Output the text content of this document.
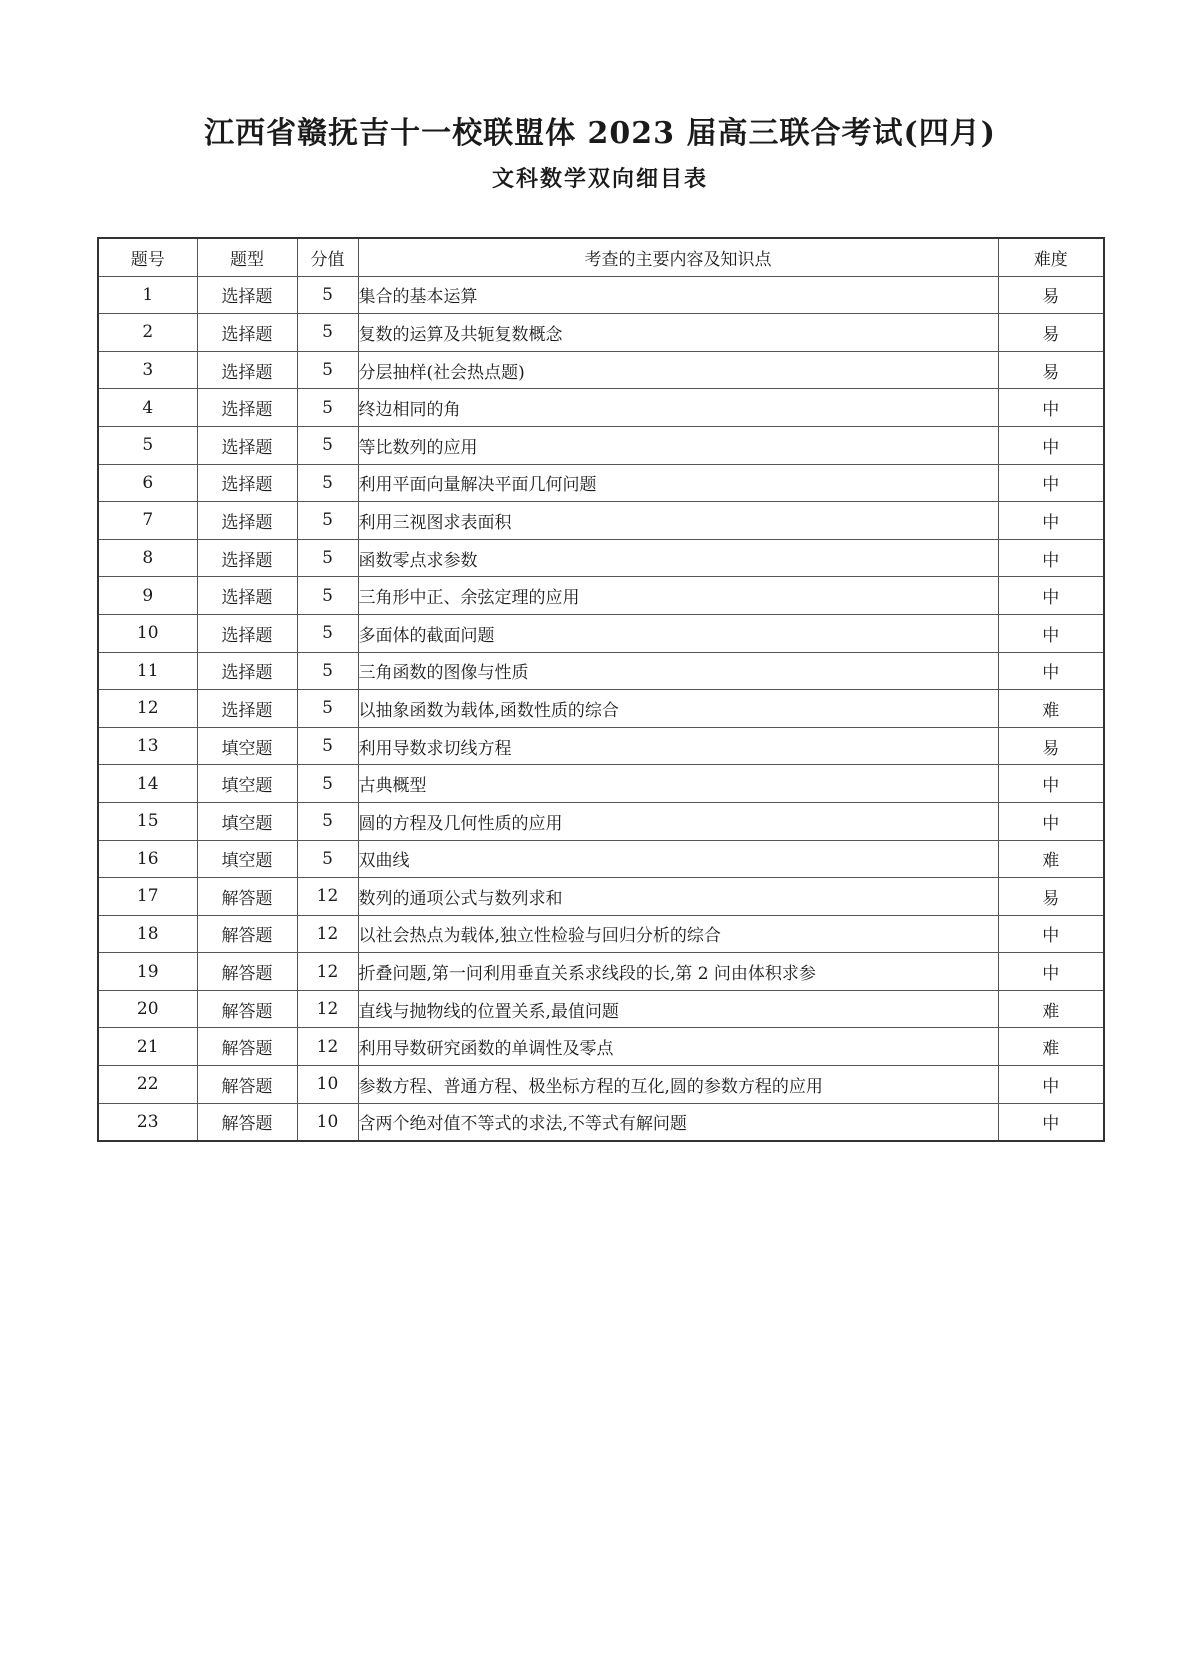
江西省赣抚吉十一校联盟体 2023 届高三联合考试(四月)
文科数学双向细目表
题号	题型	分值	考查的主要内容及知识点	难度
1	选择题	5	集合的基本运算	易
2	选择题	5	复数的运算及共轭复数概念	易
3	选择题	5	分层抽样(社会热点题)	易
4	选择题	5	终边相同的角	中
5	选择题	5	等比数列的应用	中
6	选择题	5	利用平面向量解决平面几何问题	中
7	选择题	5	利用三视图求表面积	中
8	选择题	5	函数零点求参数	中
9	选择题	5	三角形中正、余弦定理的应用	中
10	选择题	5	多面体的截面问题	中
11	选择题	5	三角函数的图像与性质	中
12	选择题	5	以抽象函数为载体,函数性质的综合	难
13	填空题	5	利用导数求切线方程	易
14	填空题	5	古典概型	中
15	填空题	5	圆的方程及几何性质的应用	中
16	填空题	5	双曲线	难
17	解答题	12	数列的通项公式与数列求和	易
18	解答题	12	以社会热点为载体,独立性检验与回归分析的综合	中
19	解答题	12	折叠问题,第一问利用垂直关系求线段的长,第 2 问由体积求参	中
20	解答题	12	直线与抛物线的位置关系,最值问题	难
21	解答题	12	利用导数研究函数的单调性及零点	难
22	解答题	10	参数方程、普通方程、极坐标方程的互化,圆的参数方程的应用	中
23	解答题	10	含两个绝对值不等式的求法,不等式有解问题	中
